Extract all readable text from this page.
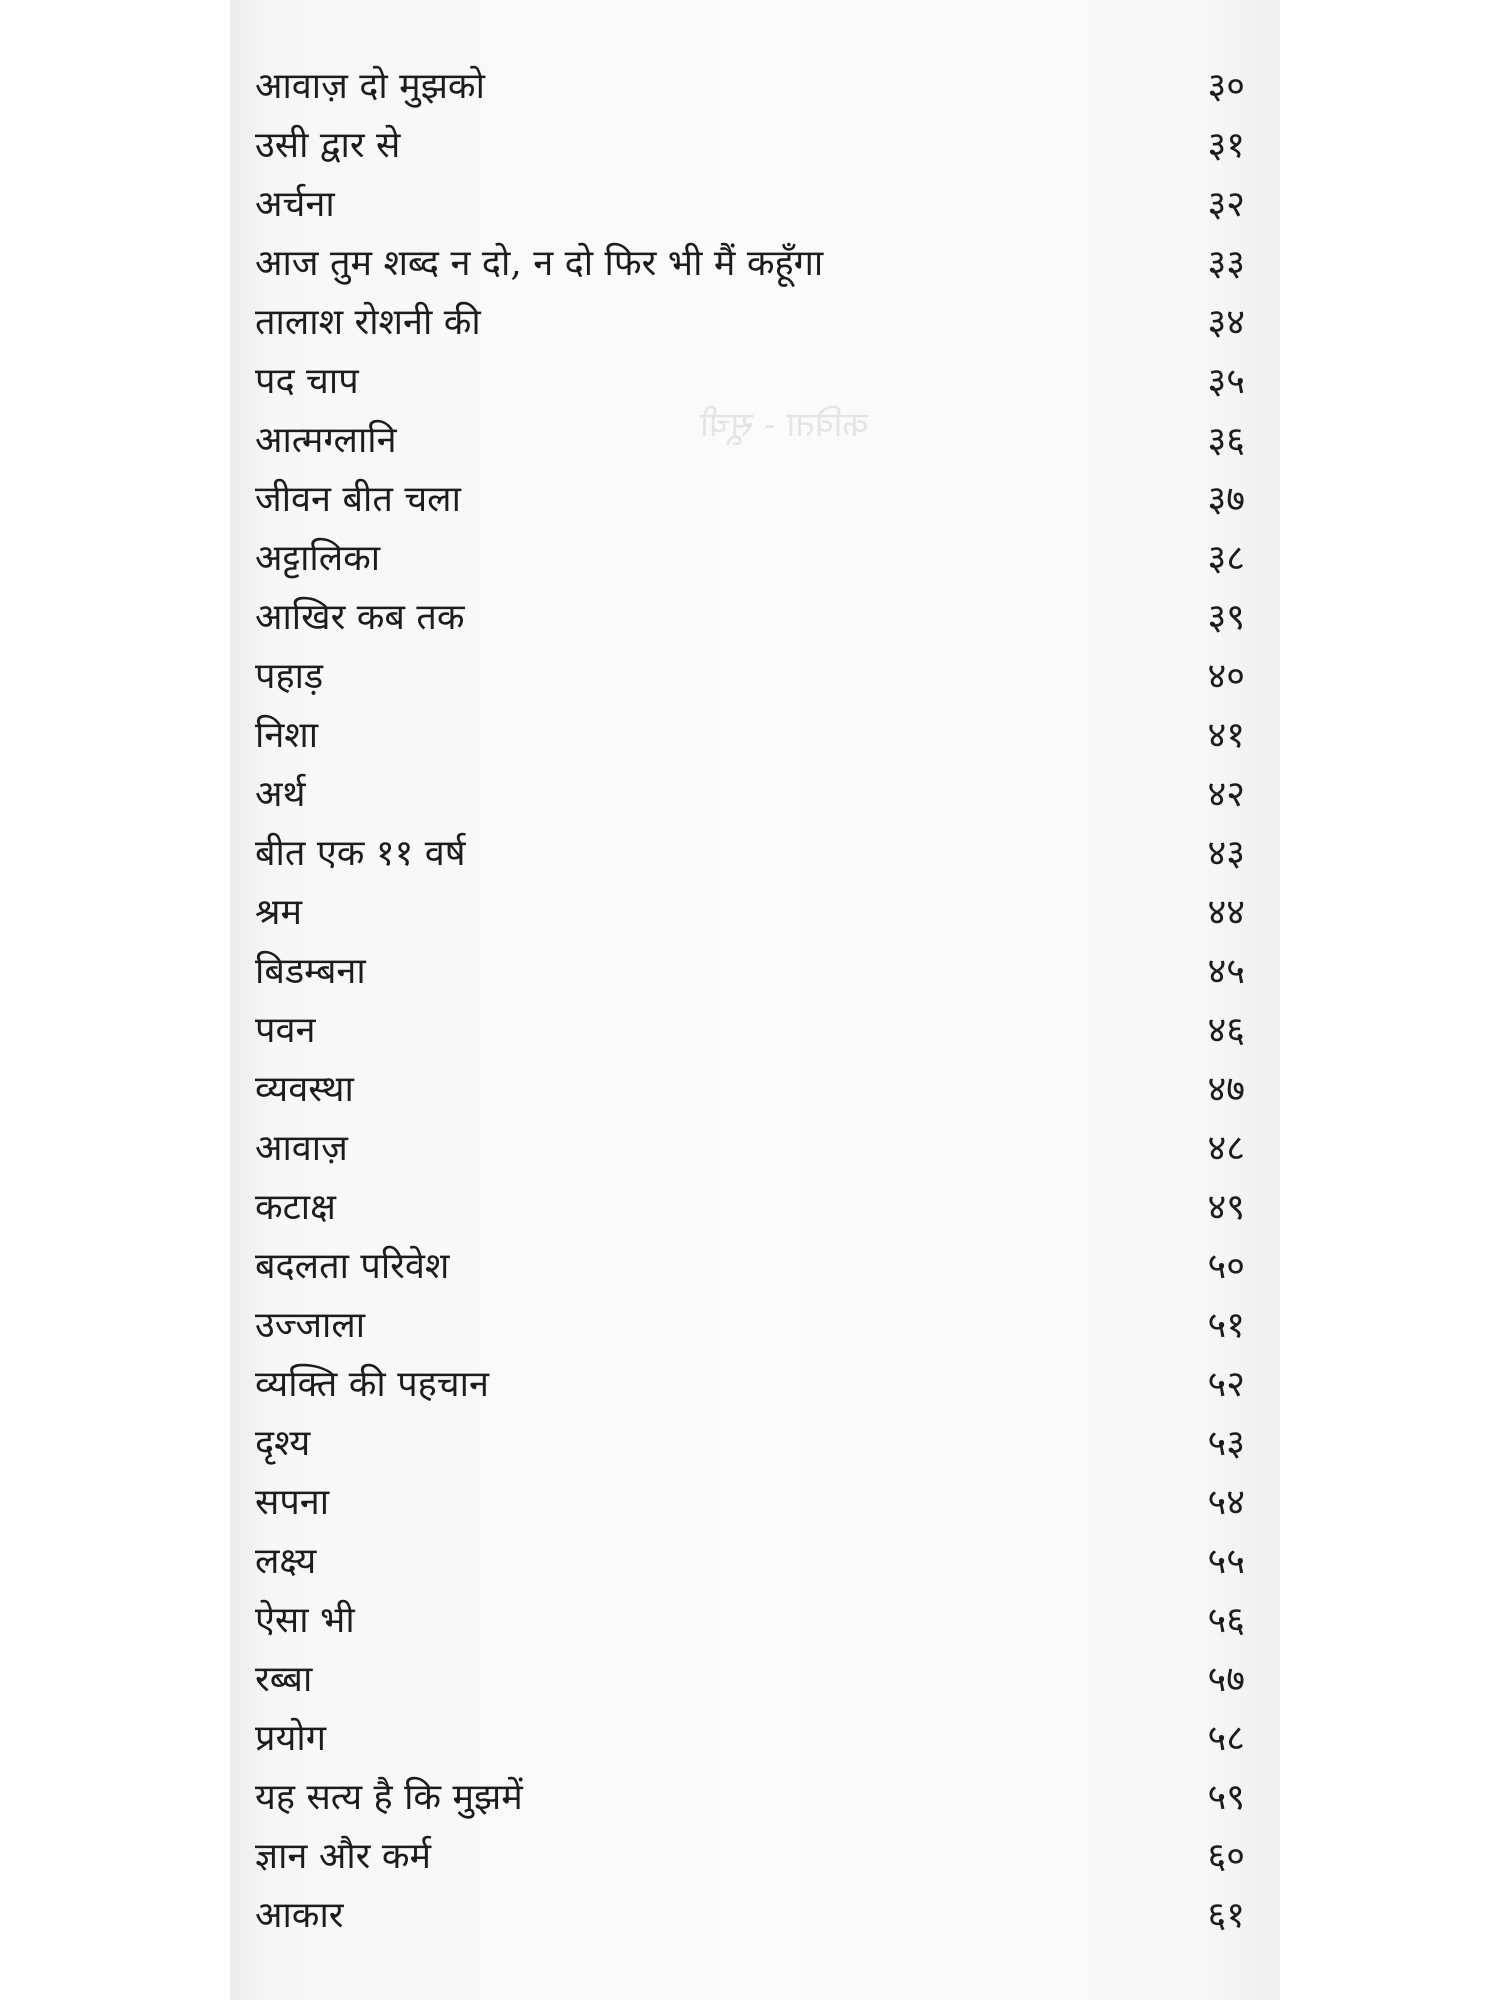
कविता - सूची
आवाज़ दो मुझको	३०
उसी द्वार से	३१
अर्चना	३२
आज तुम शब्द न दो, न दो फिर भी मैं कहूँगा	३३
तालाश रोशनी की	३४
पद चाप	३५
आत्मग्लानि	३६
जीवन बीत चला	३७
अट्टालिका	३८
आखिर कब तक	३९
पहाड़	४०
निशा	४१
अर्थ	४२
बीत एक ११ वर्ष	४३
श्रम	४४
बिडम्बना	४५
पवन	४६
व्यवस्था	४७
आवाज़	४८
कटाक्ष	४९
बदलता परिवेश	५०
उज्जाला	५१
व्यक्ति की पहचान	५२
दृश्य	५३
सपना	५४
लक्ष्य	५५
ऐसा भी	५६
रब्बा	५७
प्रयोग	५८
यह सत्य है कि मुझमें	५९
ज्ञान और कर्म	६०
आकार	६१
